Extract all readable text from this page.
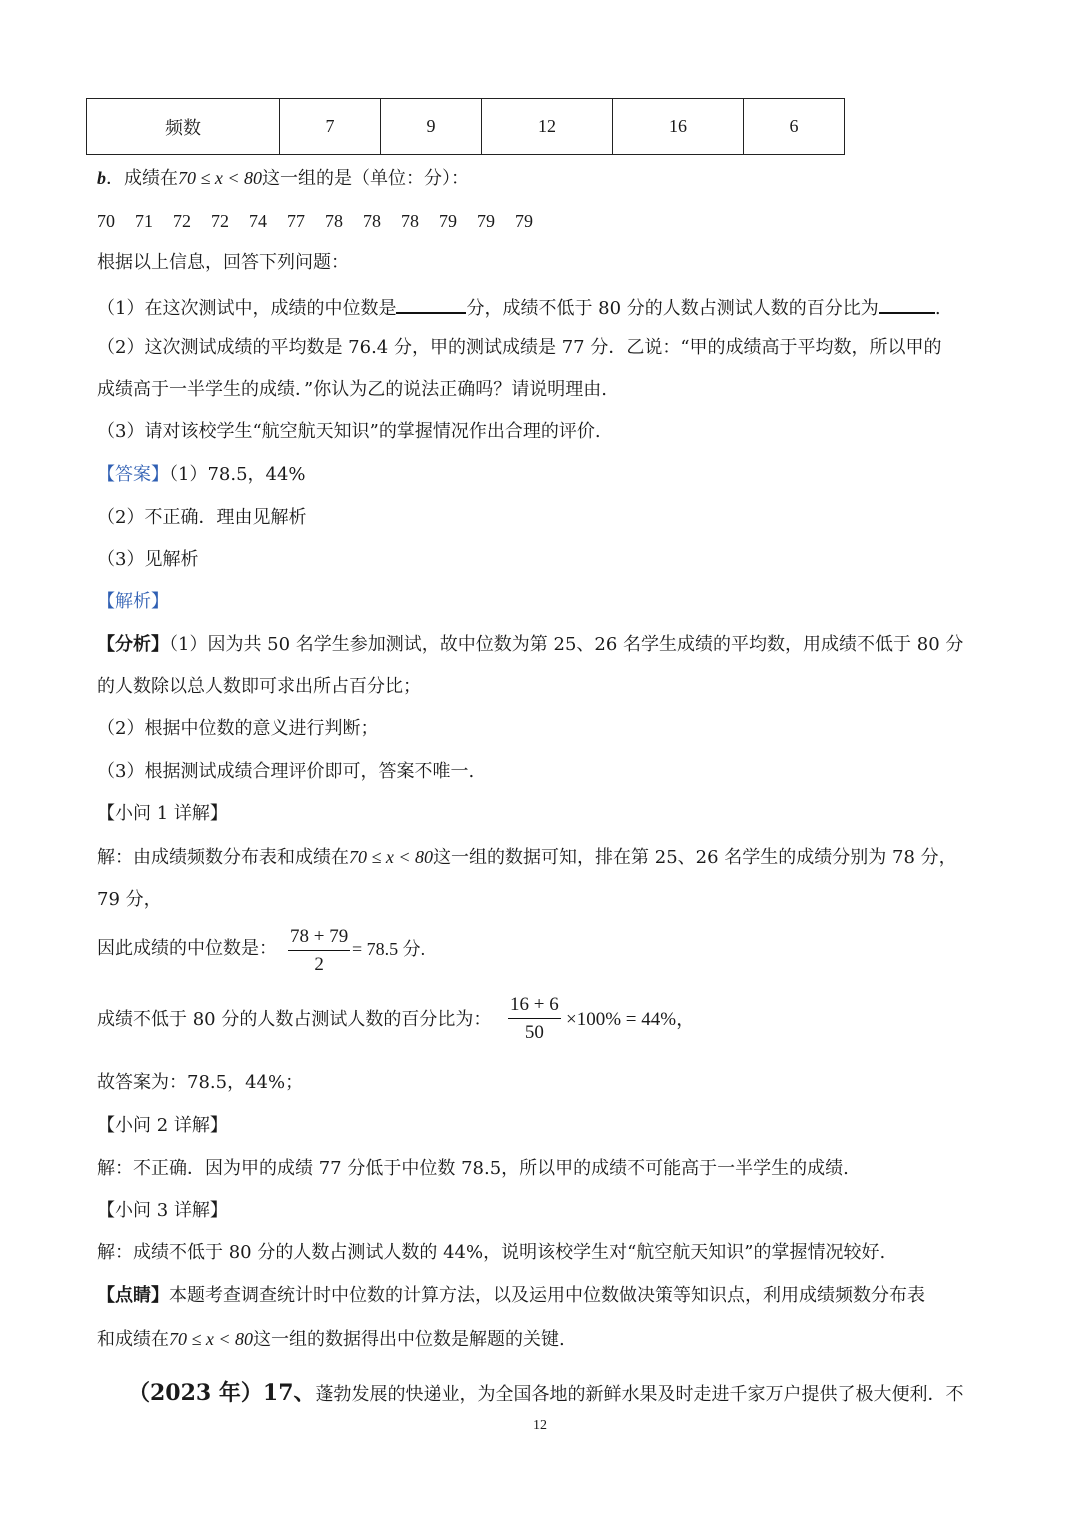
频数	7	9	12	16	6
b．成绩在70 ≤ x < 80这一组的是（单位：分）：
70 71 72 72 74 77 78 78 78 79 79 79
根据以上信息，回答下列问题：
（1）在这次测试中，成绩的中位数是	分，成绩不低于 80 分的人数占测试人数的百分比为	.
（2）这次测试成绩的平均数是 76.4 分，甲的测试成绩是 77 分．乙说：“甲的成绩高于平均数，所以甲的
成绩高于一半学生的成绩．”你认为乙的说法正确吗？请说明理由.
（3）请对该校学生“航空航天知识”的掌握情况作出合理的评价.
【答案】（1）78.5，44%
（2）不正确．理由见解析
（3）见解析
【解析】
【分析】（1）因为共 50 名学生参加测试，故中位数为第 25、26 名学生成绩的平均数，用成绩不低于 80 分
的人数除以总人数即可求出所占百分比；
（2）根据中位数的意义进行判断；
（3）根据测试成绩合理评价即可，答案不唯一.
【小问 1 详解】
解：由成绩频数分布表和成绩在70 ≤ x < 80这一组的数据可知，排在第 25、26 名学生的成绩分别为 78 分，
79 分，
因此成绩的中位数是： $\frac{78 + 79}{2} = 78.5$ 分.
成绩不低于 80 分的人数占测试人数的百分比为： $\frac{16 + 6}{50} \times 100\% = 44\%$，
故答案为：78.5，44%；
【小问 2 详解】
解：不正确．因为甲的成绩 77 分低于中位数 78.5，所以甲的成绩不可能高于一半学生的成绩.
【小问 3 详解】
解：成绩不低于 80 分的人数占测试人数的 44%，说明该校学生对“航空航天知识”的掌握情况较好.
【点睛】本题考查调查统计时中位数的计算方法，以及运用中位数做决策等知识点，利用成绩频数分布表
和成绩在70 ≤ x < 80这一组的数据得出中位数是解题的关键.
（2023 年）17、蓬勃发展的快递业，为全国各地的新鲜水果及时走进千家万户提供了极大便利．不
12
